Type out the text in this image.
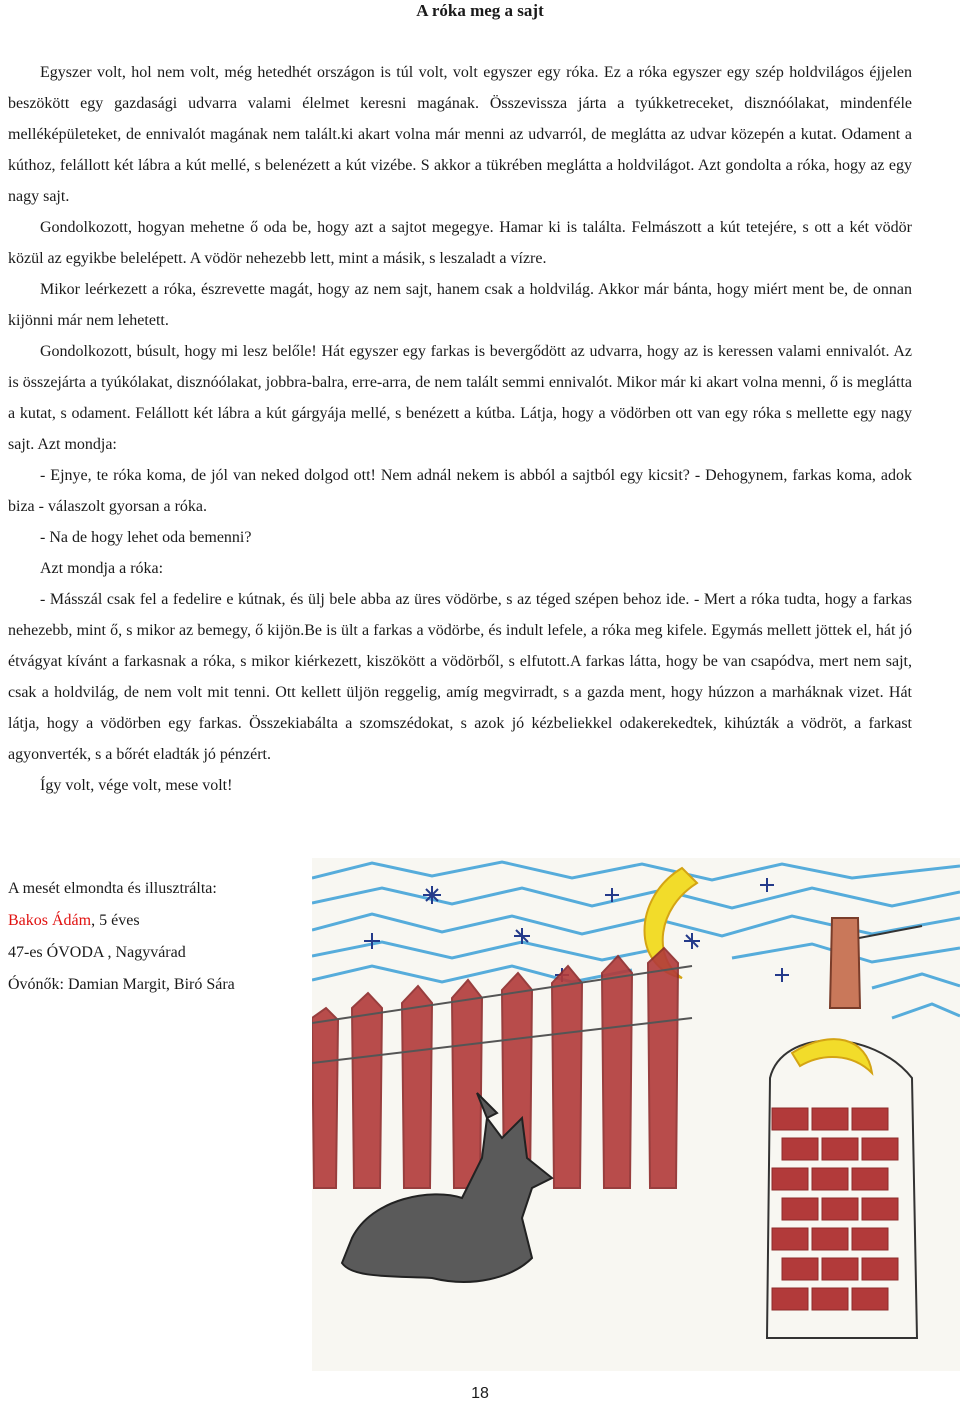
A róka meg a sajt

Egyszer volt, hol nem volt, még hetedhét országon is túl volt, volt egyszer egy róka. Ez a róka egyszer egy szép holdvilágos éjjelen beszökött egy gazdasági udvarra valami élelmet keresni magának. Összevissza járta a tyúkketreceket, disznóólakat, mindenféle melléképületeket, de ennivalót magának nem talált.ki akart volna már menni az udvarról, de meglátta az udvar közepén a kutat. Odament a kúthoz, felállott két lábra a kút mellé, s belenézett a kút vizébe. S akkor a tükrében meglátta a holdvilágot. Azt gondolta a róka, hogy az egy nagy sajt.

Gondolkozott, hogyan mehetne ő oda be, hogy azt a sajtot megegye. Hamar ki is találta. Felmászott a kút tetejére, s ott a két vödör közül az egyikbe belelépett. A vödör nehezebb lett, mint a másik, s leszaladt a vízre.

Mikor leérkezett a róka, észrevette magát, hogy az nem sajt, hanem csak a holdvilág. Akkor már bánta, hogy miért ment be, de onnan kijönni már nem lehetett.

Gondolkozott, búsult, hogy mi lesz belőle! Hát egyszer egy farkas is bevergődött az udvarra, hogy az is keressen valami ennivalót. Az is összejárta a tyúkólakat, disznóólakat, jobbra-balra, erre-arra, de nem talált semmi ennivalót. Mikor már ki akart volna menni, ő is meglátta a kutat, s odament. Felállott két lábra a kút gárgyája mellé, s benézett a kútba. Látja, hogy a vödörben ott van egy róka s mellette egy nagy sajt. Azt mondja:

- Ejnye, te róka koma, de jól van neked dolgod ott! Nem adnál nekem is abból a sajtból egy kicsit? - Dehogynem, farkas koma, adok biza - válaszolt gyorsan a róka.

- Na de hogy lehet oda bemenni?

Azt mondja a róka:

- Másszál csak fel a fedelire e kútnak, és ülj bele abba az üres vödörbe, s az téged szépen behoz ide. - Mert a róka tudta, hogy a farkas nehezebb, mint ő, s mikor az bemegy, ő kijön.Be is ült a farkas a vödörbe, és indult lefele, a róka meg kifele. Egymás mellett jöttek el, hát jó étvágyat kívánt a farkasnak a róka, s mikor kiérkezett, kiszökött a vödörből, s elfutott.A farkas látta, hogy be van csapódva, mert nem sajt, csak a holdvilág, de nem volt mit tenni. Ott kellett üljön reggelig, amíg megvirradt, s a gazda ment, hogy húzzon a marháknak vizet. Hát látja, hogy a vödörben egy farkas. Összekiabálta a szomszédokat, s azok jó kézbeliekkel odakerekedtek, kihúzták a vödröt, a farkast agyonverték, s a bőrét eladták jó pénzért.

Így volt, vége volt, mese volt!

A mesét elmondta és illusztrálta:
Bakos Ádám, 5 éves
47-es ÓVODA , Nagyvárad
Óvónők: Damian Margit, Biró Sára
18
